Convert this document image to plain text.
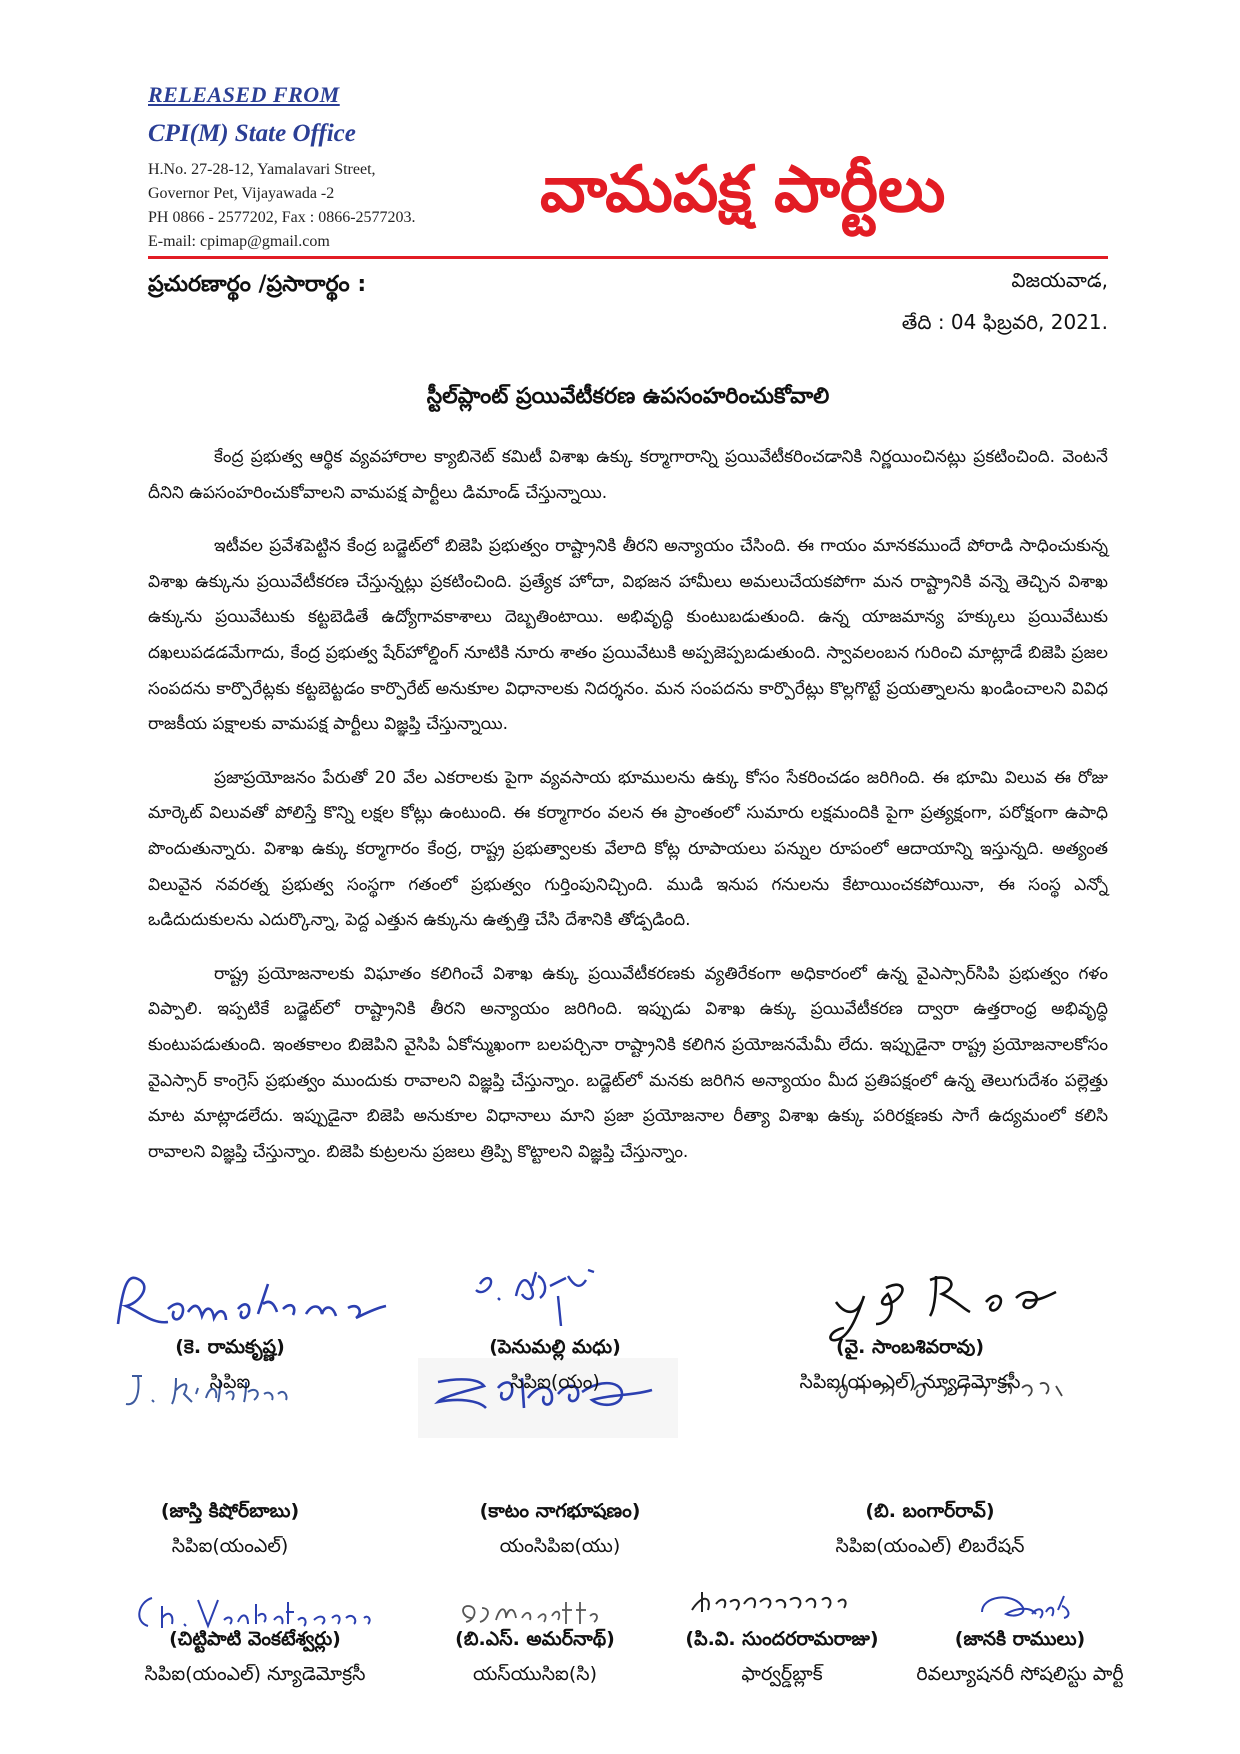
RELEASED FROM
CPI(M) State Office
H.No. 27-28-12, Yamalavari Street,
Governor Pet, Vijayawada -2
PH 0866 - 2577202, Fax : 0866-2577203.
E-mail: cpimap@gmail.com
వామపక్ష పార్టీలు
ప్రచురణార్థం /ప్రసారార్థం :	విజయవాడ,
తేది : 04 ఫిబ్రవరి, 2021.
స్టీల్‌ప్లాంట్ ప్రయివేటీకరణ ఉపసంహరించుకోవాలి

కేంద్ర ప్రభుత్వ ఆర్థిక వ్యవహారాల క్యాబినెట్ కమిటీ విశాఖ ఉక్కు కర్మాగారాన్ని ప్రయివేటీకరించడానికి నిర్ణయించినట్లు ప్రకటించింది. వెంటనే దీనిని ఉపసంహరించుకోవాలని వామపక్ష పార్టీలు డిమాండ్ చేస్తున్నాయి.

ఇటీవల ప్రవేశపెట్టిన కేంద్ర బడ్జెట్‌లో బిజెపి ప్రభుత్వం రాష్ట్రానికి తీరని అన్యాయం చేసింది. ఈ గాయం మానకముందే పోరాడి సాధించుకున్న విశాఖ ఉక్కును ప్రయివేటీకరణ చేస్తున్నట్లు ప్రకటించింది. ప్రత్యేక హోదా, విభజన హామీలు అమలుచేయకపోగా మన రాష్ట్రానికి వన్నె తెచ్చిన విశాఖ ఉక్కును ప్రయివేటుకు కట్టబెడితే ఉద్యోగావకాశాలు దెబ్బతింటాయి. అభివృద్ధి కుంటుబడుతుంది. ఉన్న యాజమాన్య హక్కులు ప్రయివేటుకు దఖలుపడడమేగాదు, కేంద్ర ప్రభుత్వ షేర్‌హోల్డింగ్ నూటికి నూరు శాతం ప్రయివేటుకి అప్పజెప్పబడుతుంది. స్వావలంబన గురించి మాట్లాడే బిజెపి ప్రజల సంపదను కార్పొరేట్లకు కట్టబెట్టడం కార్పొరేట్ అనుకూల విధానాలకు నిదర్శనం. మన సంపదను కార్పొరేట్లు కొల్లగొట్టే ప్రయత్నాలను ఖండించాలని వివిధ రాజకీయ పక్షాలకు వామపక్ష పార్టీలు విజ్ఞప్తి చేస్తున్నాయి.

ప్రజాప్రయోజనం పేరుతో 20 వేల ఎకరాలకు పైగా వ్యవసాయ భూములను ఉక్కు కోసం సేకరించడం జరిగింది. ఈ భూమి విలువ ఈ రోజు మార్కెట్ విలువతో పోలిస్తే కొన్ని లక్షల కోట్లు ఉంటుంది. ఈ కర్మాగారం వలన ఈ ప్రాంతంలో సుమారు లక్షమందికి పైగా ప్రత్యక్షంగా, పరోక్షంగా ఉపాధి పొందుతున్నారు. విశాఖ ఉక్కు కర్మాగారం కేంద్ర, రాష్ట్ర ప్రభుత్వాలకు వేలాది కోట్ల రూపాయలు పన్నుల రూపంలో ఆదాయాన్ని ఇస్తున్నది. అత్యంత విలువైన నవరత్న ప్రభుత్వ సంస్థగా గతంలో ప్రభుత్వం గుర్తింపునిచ్చింది. ముడి ఇనుప గనులను కేటాయించకపోయినా, ఈ సంస్థ ఎన్నో ఒడిదుదుకులను ఎదుర్కొన్నా, పెద్ద ఎత్తున ఉక్కును ఉత్పత్తి చేసి దేశానికి తోడ్పడింది.

రాష్ట్ర ప్రయోజనాలకు విఘాతం కలిగించే విశాఖ ఉక్కు ప్రయివేటీకరణకు వ్యతిరేకంగా అధికారంలో ఉన్న వైఎస్సార్‌సిపి ప్రభుత్వం గళం విప్పాలి. ఇప్పటికే బడ్జెట్‌లో రాష్ట్రానికి తీరని అన్యాయం జరిగింది. ఇప్పుడు విశాఖ ఉక్కు ప్రయివేటీకరణ ద్వారా ఉత్తరాంధ్ర అభివృద్ధి కుంటుపడుతుంది. ఇంతకాలం బిజెపిని వైసిపి ఏకోన్ముఖంగా బలపర్చినా రాష్ట్రానికి కలిగిన ప్రయోజనమేమీ లేదు. ఇప్పుడైనా రాష్ట్ర ప్రయోజనాలకోసం వైఎస్సార్ కాంగ్రెస్ ప్రభుత్వం ముందుకు రావాలని విజ్ఞప్తి చేస్తున్నాం. బడ్జెట్‌లో మనకు జరిగిన అన్యాయం మీద ప్రతిపక్షంలో ఉన్న తెలుగుదేశం పల్లెత్తు మాట మాట్లాడలేదు. ఇప్పుడైనా బిజెపి అనుకూల విధానాలు మాని ప్రజా ప్రయోజనాల రీత్యా విశాఖ ఉక్కు పరిరక్షణకు సాగే ఉద్యమంలో కలిసి రావాలని విజ్ఞప్తి చేస్తున్నాం. బిజెపి కుట్రలను ప్రజలు త్రిప్పి కొట్టాలని విజ్ఞప్తి చేస్తున్నాం.

(కె. రామకృష్ణ)
సిపిఐ
(పెనుమల్లి మధు)
సిపిఐ(యం)
(వై. సాంబశివరావు)
సిపిఐ(యంఎల్) న్యూడెమోక్రసీ
(జాస్తి కిషోర్‌బాబు)
సిపిఐ(యంఎల్)
(కాటం నాగభూషణం)
యంసిపిఐ(యు)
(బి. బంగార్‌రావ్)
సిపిఐ(యంఎల్) లిబరేషన్
(చిట్టిపాటి వెంకటేశ్వర్లు)
సిపిఐ(యంఎల్) న్యూడెమోక్రసీ
(బి.ఎస్. అమర్‌నాథ్)
యస్‌యుసిఐ(సి)
(పి.వి. సుందరరామరాజు)
ఫార్వర్డ్‌బ్లాక్
(జానకి రాములు)
రివల్యూషనరీ సోషలిస్టు పార్టీ
